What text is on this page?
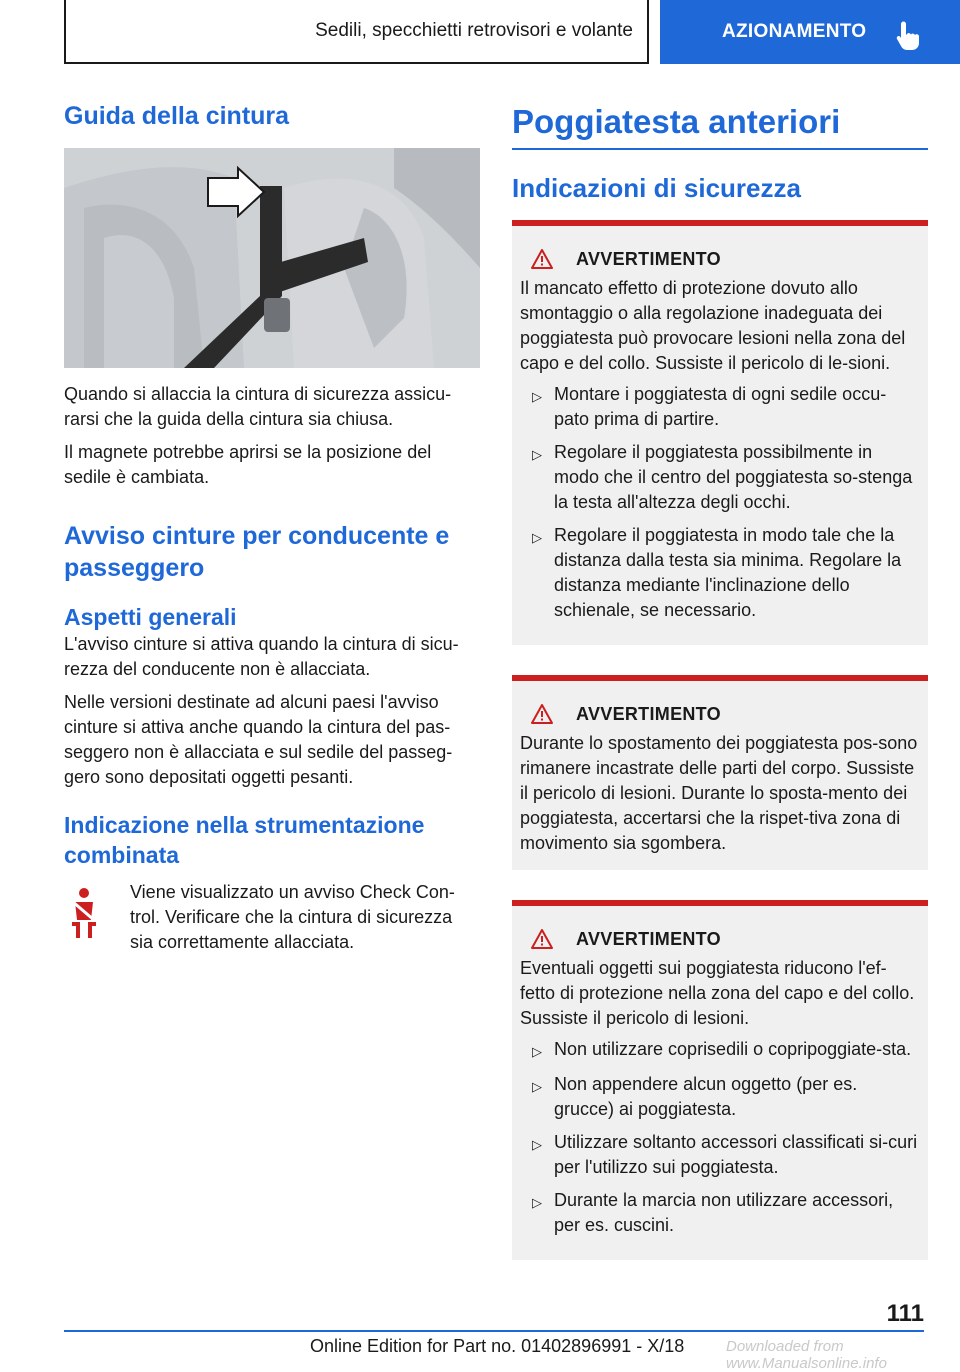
Sedili, specchietti retrovisori e volante	AZIONAMENTO
Guida della cintura

Quando si allaccia la cintura di sicurezza assicu-rarsi che la guida della cintura sia chiusa.

Il magnete potrebbe aprirsi se la posizione del sedile è cambiata.

Avviso cinture per conducente e passeggero
Aspetti generali

L'avviso cinture si attiva quando la cintura di sicu-rezza del conducente non è allacciata.

Nelle versioni destinate ad alcuni paesi l'avviso cinture si attiva anche quando la cintura del pas-seggero non è allacciata e sul sedile del passeg-gero sono depositati oggetti pesanti.

Indicazione nella strumentazione combinata

Viene visualizzato un avviso Check Con-trol. Verificare che la cintura di sicurezza sia correttamente allacciata.

Poggiatesta anteriori
Indicazioni di sicurezza
AVVERTIMENTO

Il mancato effetto di protezione dovuto allo smontaggio o alla regolazione inadeguata dei poggiatesta può provocare lesioni nella zona del capo e del collo. Sussiste il pericolo di le-sioni.

▷ Montare i poggiatesta di ogni sedile occu-pato prima di partire.
▷ Regolare il poggiatesta possibilmente in modo che il centro del poggiatesta so-stenga la testa all'altezza degli occhi.
▷ Regolare il poggiatesta in modo tale che la distanza dalla testa sia minima. Regolare la distanza mediante l'inclinazione dello schienale, se necessario.
AVVERTIMENTO

Durante lo spostamento dei poggiatesta pos-sono rimanere incastrate delle parti del corpo. Sussiste il pericolo di lesioni. Durante lo sposta-mento dei poggiatesta, accertarsi che la rispet-tiva zona di movimento sia sgombera.

AVVERTIMENTO

Eventuali oggetti sui poggiatesta riducono l'ef-fetto di protezione nella zona del capo e del collo. Sussiste il pericolo di lesioni.

▷ Non utilizzare coprisedili o copripoggiate-sta.
▷ Non appendere alcun oggetto (per es. grucce) ai poggiatesta.
▷ Utilizzare soltanto accessori classificati si-curi per l'utilizzo sui poggiatesta.
▷ Durante la marcia non utilizzare accessori, per es. cuscini.
111
Online Edition for Part no. 01402896991 - X/18	Downloaded from www.Manualsonline.info
